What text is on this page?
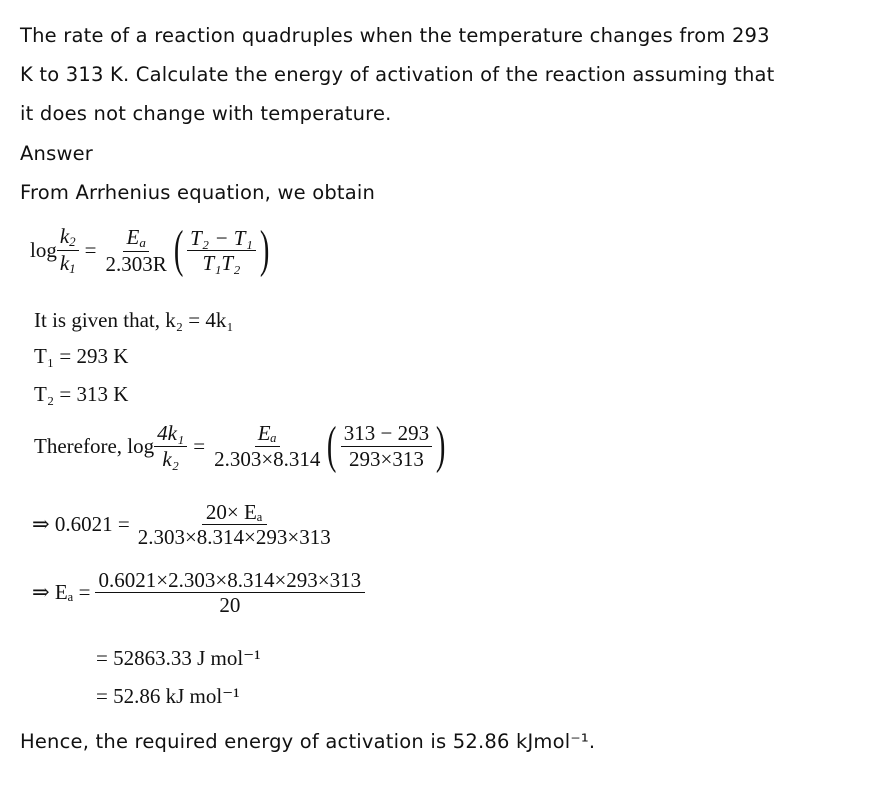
The rate of a reaction quadruples when the temperature changes from 293
K to 313 K. Calculate the energy of activation of the reaction assuming that
it does not change with temperature.
Answer
From Arrhenius equation, we obtain
$\log \frac{k_2}{k_1} = \frac{E_a}{2.303R}$ ( $\frac{\text{T₂ − T₁}}{\text{T₁T₂}}$ )
It is given that, k₂ = 4k₁
T₁ = 293 K
T₂ = 313 K
Therefore, $\log \frac{\text{4k₁}}{\text{k₂}} = \frac{\text{Eₐ}}{2.303\times 8.314}$ ( $\frac{313 - 293}{293\times 313}$ )
⇒ $0.6021 = \frac{\text{20× Eₐ}}{2.303\times 8.314\times 293\times 313}$
⇒ $E_a = \frac{0.6021\times 2.303\times 8.314\times 293\times 313}{20}$
= 52863.33 J mol⁻¹
= 52.86 kJ mol⁻¹
Hence, the required energy of activation is 52.86 kJmol⁻¹.
